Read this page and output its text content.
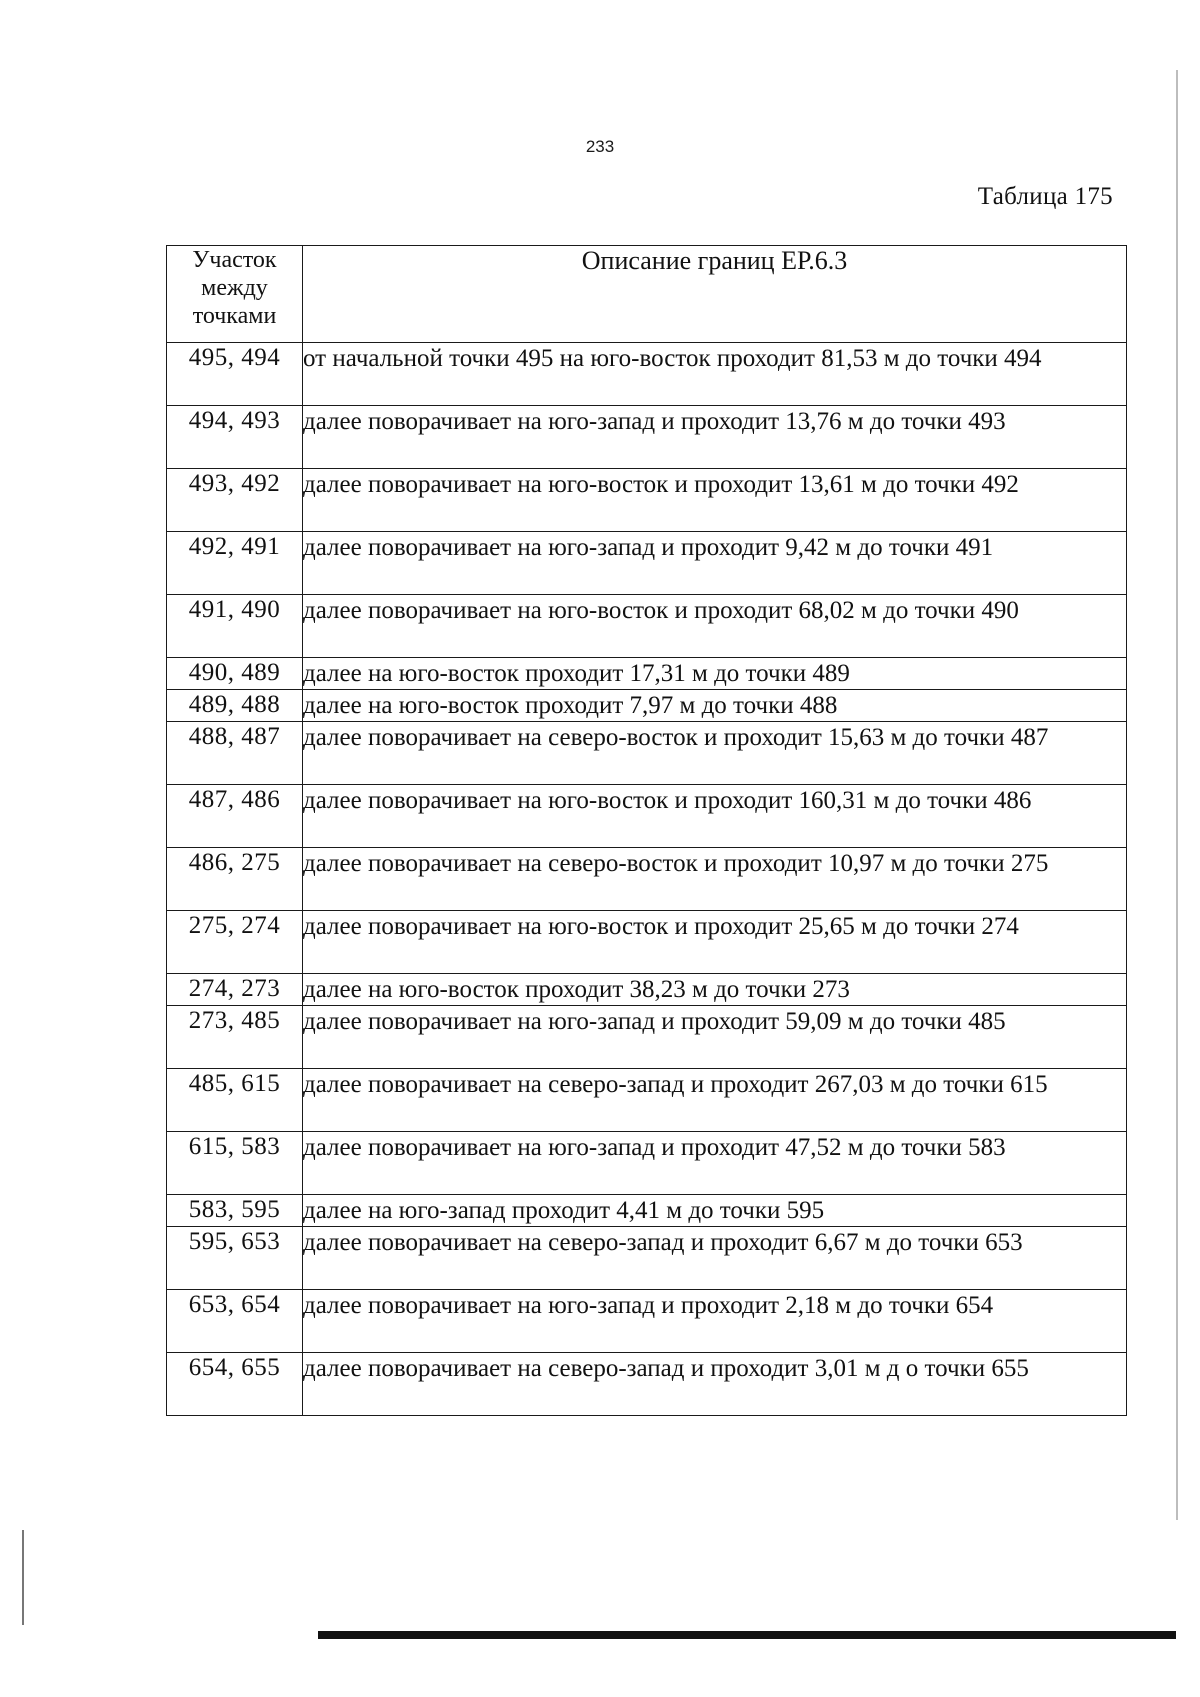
233
Таблица 175
Участок между точками	Описание границ ЕР.6.3
495, 494	от начальной точки 495 на юго-восток проходит 81,53 м до точки 494
494, 493	далее поворачивает на юго-запад и проходит 13,76 м до точки 493
493, 492	далее поворачивает на юго-восток и проходит 13,61 м до точки 492
492, 491	далее поворачивает на юго-запад и проходит 9,42 м до точки 491
491, 490	далее поворачивает на юго-восток и проходит 68,02 м до точки 490
490, 489	далее на юго-восток проходит 17,31 м до точки 489
489, 488	далее на юго-восток проходит 7,97 м до точки 488
488, 487	далее поворачивает на северо-восток и проходит 15,63 м до точки 487
487, 486	далее поворачивает на юго-восток и проходит 160,31 м до точки 486
486, 275	далее поворачивает на северо-восток и проходит 10,97 м до точки 275
275, 274	далее поворачивает на юго-восток и проходит 25,65 м до точки 274
274, 273	далее на юго-восток проходит 38,23 м до точки 273
273, 485	далее поворачивает на юго-запад и проходит 59,09 м до точки 485
485, 615	далее поворачивает на северо-запад и проходит 267,03 м до точки 615
615, 583	далее поворачивает на юго-запад и проходит 47,52 м до точки 583
583, 595	далее на юго-запад проходит 4,41 м до точки 595
595, 653	далее поворачивает на северо-запад и проходит 6,67 м до точки 653
653, 654	далее поворачивает на юго-запад и проходит 2,18 м до точки 654
654, 655	далее поворачивает на северо-запад и проходит 3,01 м д о точки 655
